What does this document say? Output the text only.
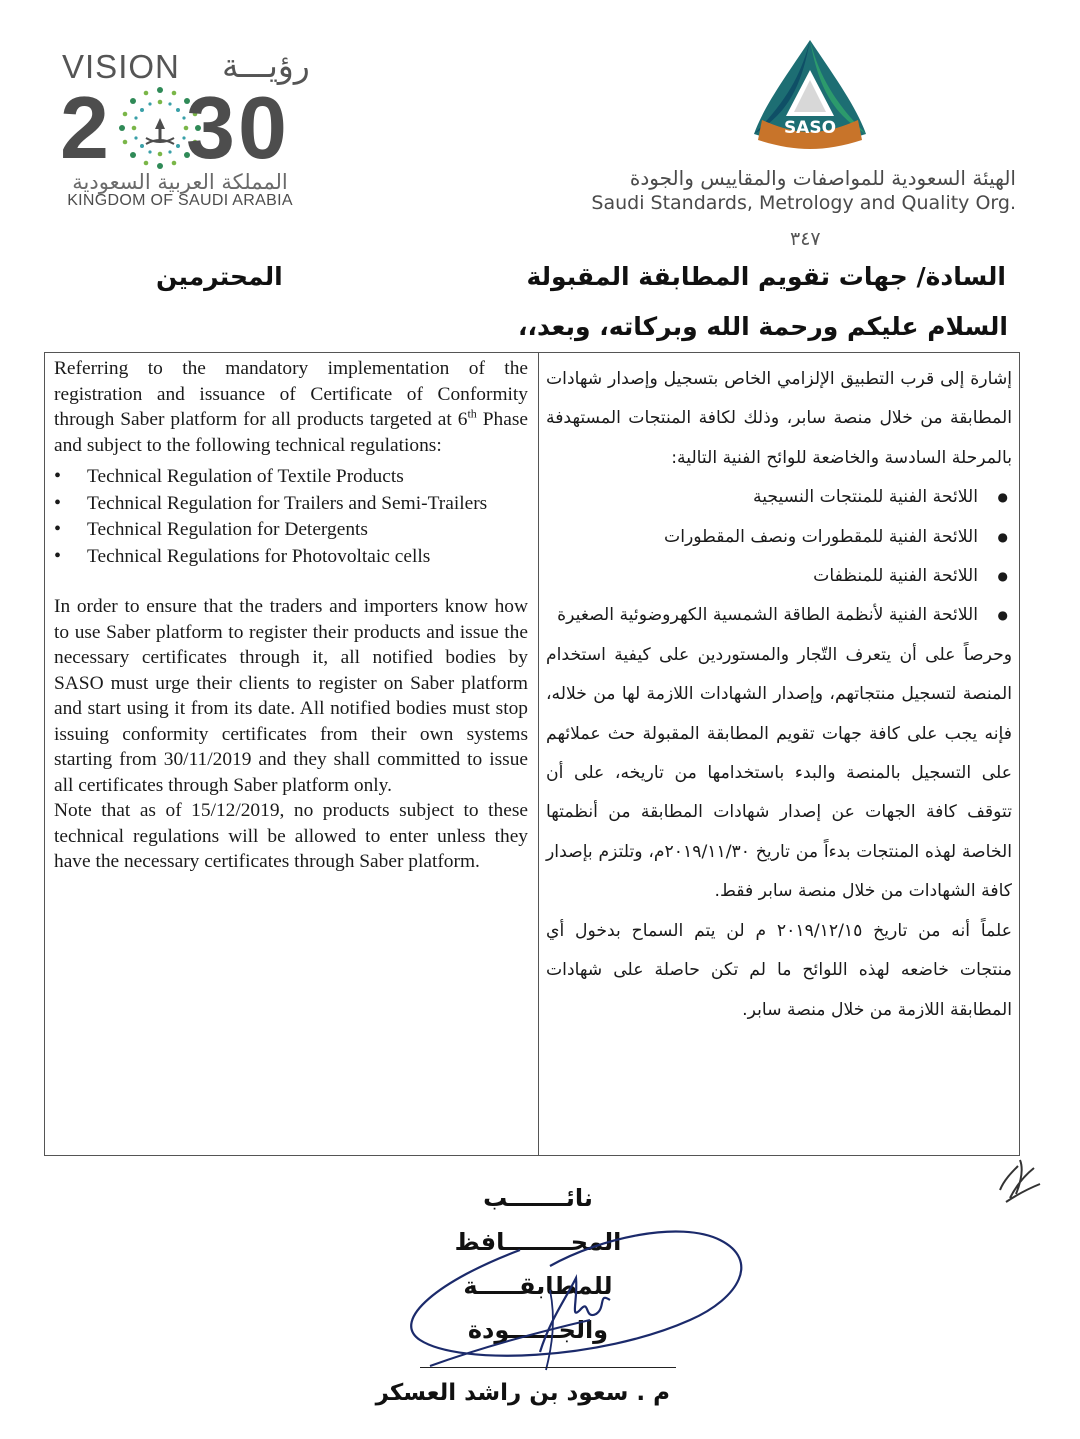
VISION رؤيـــة
2 3 0
المملكة العربية السعودية
KINGDOM OF SAUDI ARABIA
SASO
الهيئة السعودية للمواصفات والمقاييس والجودة
Saudi Standards, Metrology and Quality Org.
٣٤٧
السادة/ جهات تقويم المطابقة المقبولة
المحترمين
السلام عليكم ورحمة الله وبركاته، وبعد،،

Referring to the mandatory implementation of the registration and issuance of Certificate of Conformity through Saber platform for all products targeted at 6th Phase and subject to the following technical regulations:

• Technical Regulation of Textile Products
• Technical Regulation for Trailers and Semi-Trailers
• Technical Regulation for Detergents
• Technical Regulations for Photovoltaic cells

In order to ensure that the traders and importers know how to use Saber platform to register their products and issue the necessary certificates through it, all notified bodies by SASO must urge their clients to register on Saber platform and start using it from its date. All notified bodies must stop issuing conformity certificates from their own systems starting from 30/11/2019 and they shall committed to issue all certificates through Saber platform only.

Note that as of 15/12/2019, no products subject to these technical regulations will be allowed to enter unless they have the necessary certificates through Saber platform.

إشارة إلى قرب التطبيق الإلزامي الخاص بتسجيل وإصدار شهادات المطابقة من خلال منصة سابر، وذلك لكافة المنتجات المستهدفة بالمرحلة السادسة والخاضعة للوائح الفنية التالية:

● اللائحة الفنية للمنتجات النسيجية
● اللائحة الفنية للمقطورات ونصف المقطورات
● اللائحة الفنية للمنظفات
● اللائحة الفنية لأنظمة الطاقة الشمسية الكهروضوئية الصغيرة

وحرصاً على أن يتعرف التّجار والمستوردين على كيفية استخدام المنصة لتسجيل منتجاتهم، وإصدار الشهادات اللازمة لها من خلاله، فإنه يجب على كافة جهات تقويم المطابقة المقبولة حث عملائهم على التسجيل بالمنصة والبدء باستخدامها من تاريخه، على أن تتوقف كافة الجهات عن إصدار شهادات المطابقة من أنظمتها الخاصة لهذه المنتجات بدءاً من تاريخ ٢٠١٩/١١/٣٠م، وتلتزم بإصدار كافة الشهادات من خلال منصة سابر فقط.

علماً أنه من تاريخ ٢٠١٩/١٢/١٥ م لن يتم السماح بدخول أي منتجات خاضعه لهذه اللوائح ما لم تكن حاصلة على شهادات المطابقة اللازمة من خلال منصة سابر.

نائـــــــب المحــــــــافظ
للمطابقـــــة والجــــــودة
م . سعود بن راشد العسكر
